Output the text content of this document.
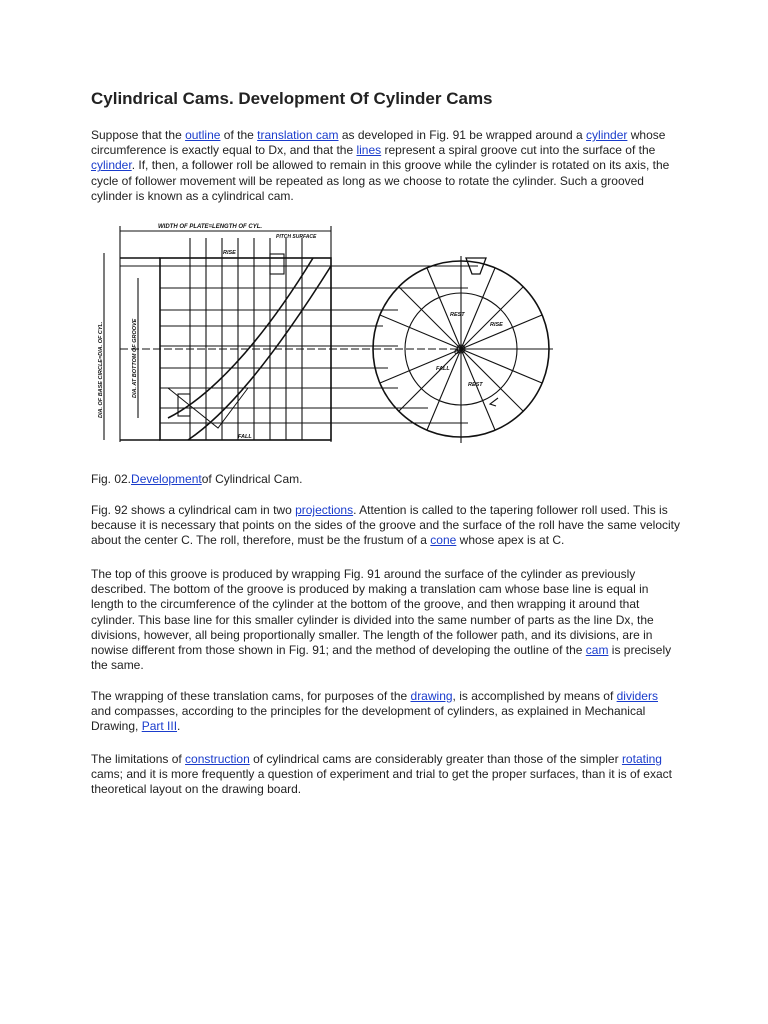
Cylindrical Cams. Development Of Cylinder Cams

Suppose that the outline of the translation cam as developed in Fig. 91 be wrapped around a cylinder whose circumference is exactly equal to Dx, and that the lines represent a spiral groove cut into the surface of the cylinder. If, then, a follower roll be allowed to remain in this groove while the cylinder is rotated on its axis, the cycle of follower movement will be repeated as long as we choose to rotate the cylinder. Such a grooved cylinder is known as a cylindrical cam.

WIDTH OF PLATE=LENGTH OF CYL.
PITCH SURFACE
RISE
FALL
REST
RISE
FALL
REST
C
DIA. OF BASE CIRCLE=DIA. OF CYL.	DIA. AT BOTTOM OF GROOVE

Fig. 02.Developmentof Cylindrical Cam.

Fig. 92 shows a cylindrical cam in two projections. Attention is called to the tapering follower roll used. This is because it is necessary that points on the sides of the groove and the surface of the roll have the same velocity about the center C. The roll, therefore, must be the frustum of a cone whose apex is at C.

The top of this groove is produced by wrapping Fig. 91 around the surface of the cylinder as previously described. The bottom of the groove is produced by making a translation cam whose base line is equal in length to the circumference of the cylinder at the bottom of the groove, and then wrapping it around that cylinder. This base line for this smaller cylinder is divided into the same number of parts as the line Dx, the divisions, however, all being proportionally smaller. The length of the follower path, and its divisions, are in nowise different from those shown in Fig. 91; and the method of developing the outline of the cam is precisely the same.

The wrapping of these translation cams, for purposes of the drawing, is accomplished by means of dividers and compasses, according to the principles for the development of cylinders, as explained in Mechanical Drawing, Part III.

The limitations of construction of cylindrical cams are considerably greater than those of the simpler rotating cams; and it is more frequently a question of experiment and trial to get the proper surfaces, than it is of exact theoretical layout on the drawing board.
